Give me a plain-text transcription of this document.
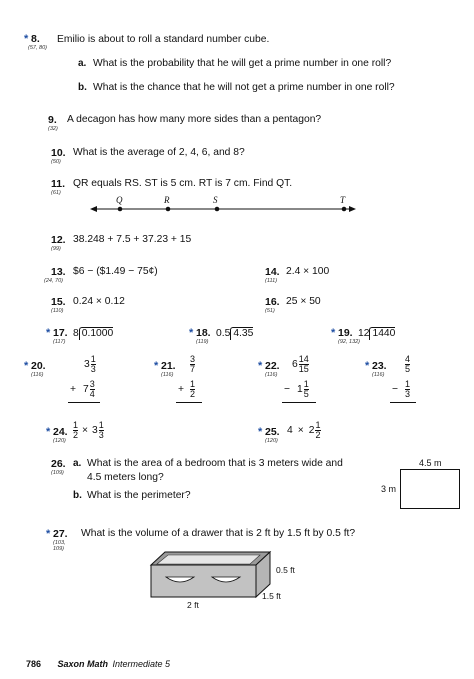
* 8.
(57, 80)
Emilio is about to roll a standard number cube.
a. What is the probability that he will get a prime number in one roll?
b. What is the chance that he will not get a prime number in one roll?
9.
(32)
A decagon has how many more sides than a pentagon?
10.
(50)
What is the average of 2, 4, 6, and 8?
11.
(61)
QR equals RS. ST is 5 cm. RT is 7 cm. Find QT.
Q	R	S	T
12.
(99)
38.248 + 7.5 + 37.23 + 15
13.
(24, 70)
$6 − ($1.49 − 75¢)	14.
(111)
2.4 × 100
15.
(110)
0.24 × 0.12	16.
(51)
25 × 50
* 17.
(117)
8 0.1000	* 18.
(119)
0.5 4.35	* 19.
(92, 132)
12 1440
* 20.
(116)
$3 \frac{1}{3}$
+ $7 \frac{3}{4}$
* 21.
(116)
3
7
+ 1
2
* 22.
(116)
$6 \frac{14}{15}$
− $1 \frac{1}{5}$
* 23.
(116)
4
5
− 1
3
* 24.
(120)
$\frac{1}{2} \times 3 \frac{1}{3}$	* 25.
(120)
$4 \times 2 \frac{1}{2}$
26.
(109)
a. What is the area of a bedroom that is 3 meters wide and
4.5 meters long?
b. What is the perimeter?
4.5 m
3 m
* 27.
(103, 109)
What is the volume of a drawer that is 2 ft by 1.5 ft by 0.5 ft?
0.5 ft
1.5 ft
2 ft
786 Saxon Math Intermediate 5
